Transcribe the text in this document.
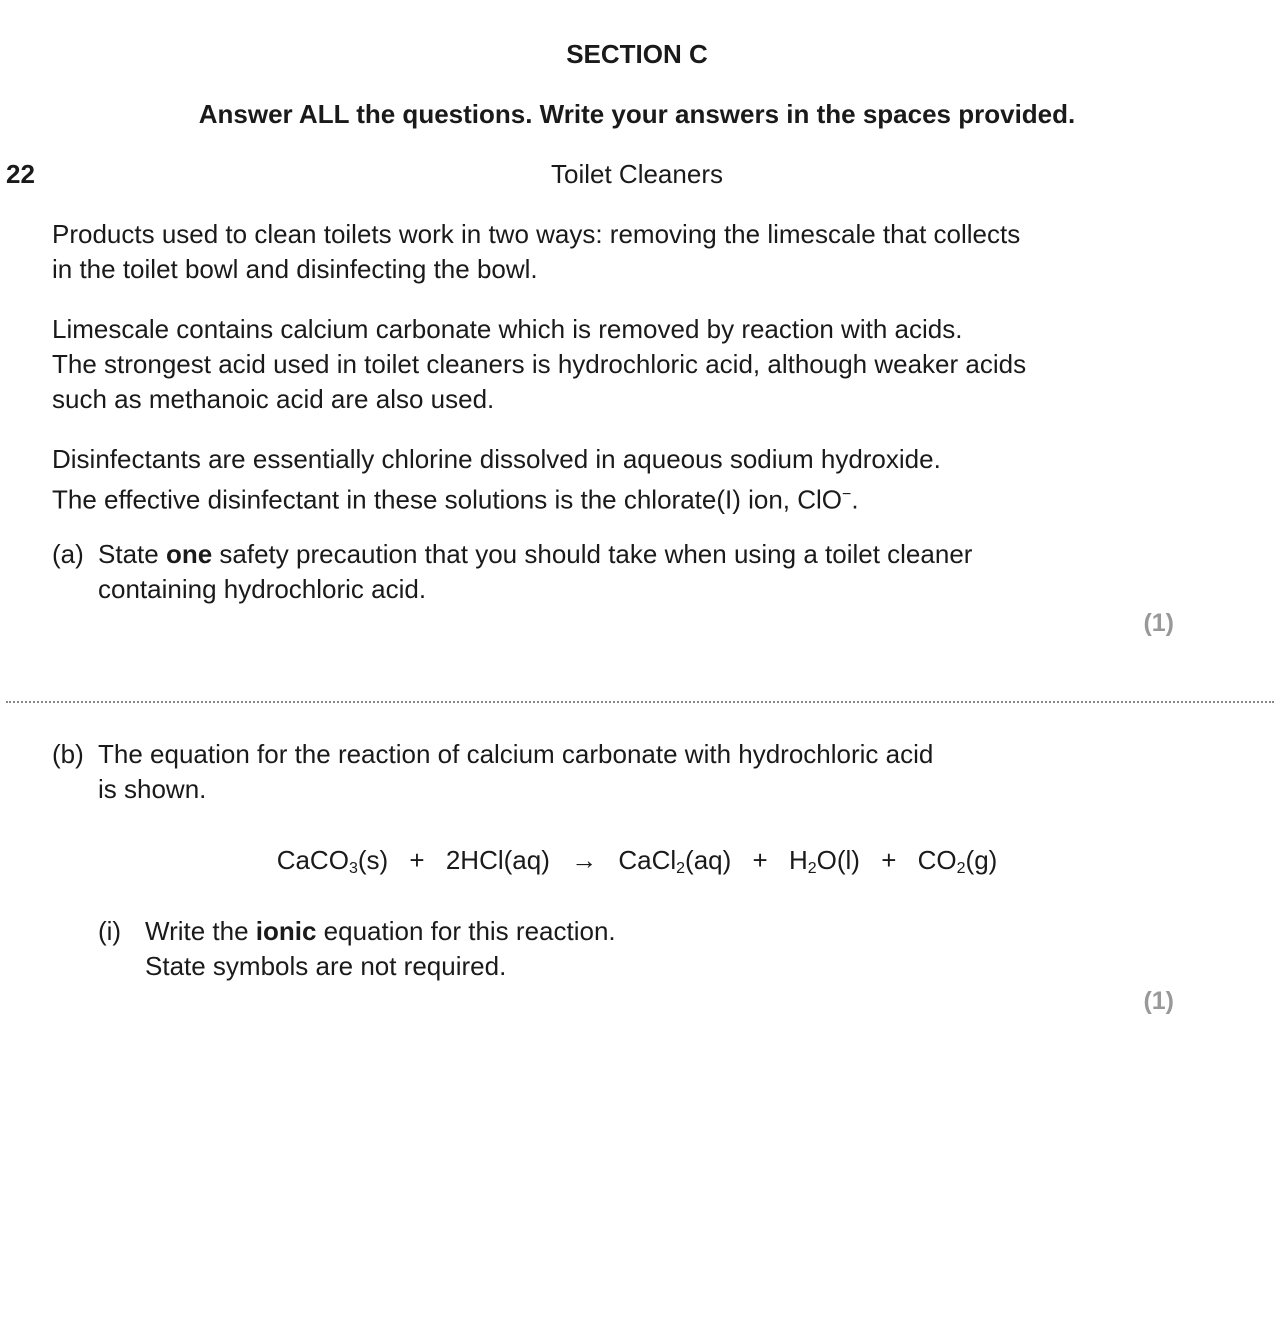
SECTION C
Answer ALL the questions. Write your answers in the spaces provided.
22	Toilet Cleaners
Products used to clean toilets work in two ways: removing the limescale that collects
in the toilet bowl and disinfecting the bowl.
Limescale contains calcium carbonate which is removed by reaction with acids.
The strongest acid used in toilet cleaners is hydrochloric acid, although weaker acids
such as methanoic acid are also used.
Disinfectants are essentially chlorine dissolved in aqueous sodium hydroxide.
The effective disinfectant in these solutions is the chlorate(I) ion, ClO−.
(a) State one safety precaution that you should take when using a toilet cleaner
containing hydrochloric acid.
(1)
(b) The equation for the reaction of calcium carbonate with hydrochloric acid
is shown.
CaCO$_3$(s) + 2HCl(aq) → CaCl$_2$(aq) + $H_2O(l) + CO_2(g)$
(i) Write the ionic equation for this reaction.
State symbols are not required.
(1)
